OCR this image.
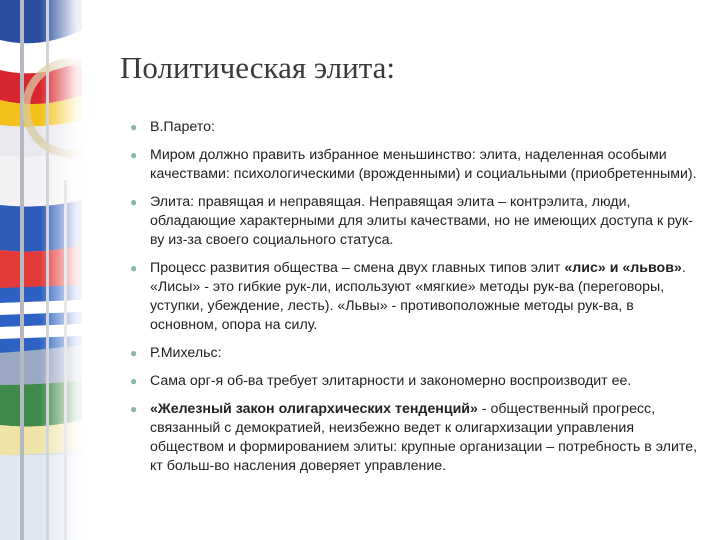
Политическая элита:
● В.Парето:
● Миром должно править избранное меньшинство: элита, наделенная особыми качествами: психологическими (врожденными) и социальными (приобретенными).
● Элита: правящая и неправящая. Неправящая элита – контрэлита, люди, обладающие характерными для элиты качествами, но не имеющих доступа к рук-ву из-за своего социального статуса.
● Процесс развития общества – смена двух главных типов элит «лис» и «львов». «Лисы» - это гибкие рук-ли, используют «мягкие» методы рук-ва (переговоры, уступки, убеждение, лесть). «Львы» - противоположные методы рук-ва, в основном, опора на силу.
● Р.Михельс:
● Сама орг-я об-ва требует элитарности и закономерно воспроизводит ее.
● «Железный закон олигархических тенденций» - общественный прогресс, связанный с демократией, неизбежно ведет к олигархизации управления обществом и формированием элиты: крупные организации – потребность в элите, кт больш-во насления доверяет управление.
